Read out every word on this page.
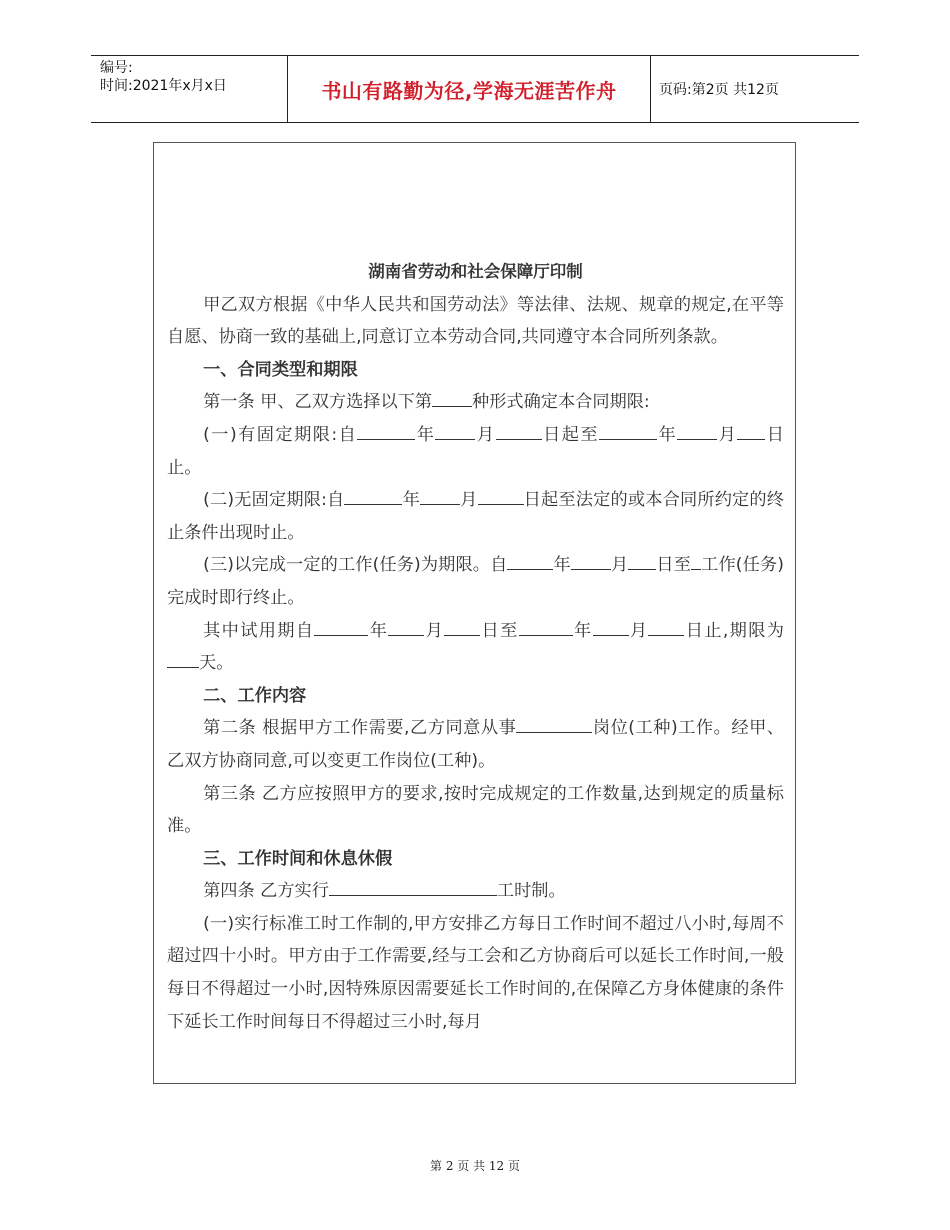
编号:
时间:2021年x月x日	书山有路勤为径,学海无涯苦作舟	页码:第2页 共12页

湖南省劳动和社会保障厅印制

甲乙双方根据《中华人民共和国劳动法》等法律、法规、规章的规定,在平等自愿、协商一致的基础上,同意订立本劳动合同,共同遵守本合同所列条款。

一、合同类型和期限

第一条 甲、乙双方选择以下第 种形式确定本合同期限:

(一)有固定期限:自	年 月	日起至	年 月 日止。

(二)无固定期限:自	年 月	日起至法定的或本合同所约定的终止条件出现时止。

(三)以完成一定的工作(任务)为期限。自	年 月 日至 工作(任务)完成时即行终止。

其中试用期自	年 月 日至	年 月 日止,期限为天。

二、工作内容

第二条 根据甲方工作需要,乙方同意从事	岗位(工种)工作。经甲、乙双方协商同意,可以变更工作岗位(工种)。

第三条 乙方应按照甲方的要求,按时完成规定的工作数量,达到规定的质量标准。

三、工作时间和休息休假

第四条 乙方实行	工时制。

(一)实行标准工时工作制的,甲方安排乙方每日工作时间不超过八小时,每周不超过四十小时。甲方由于工作需要,经与工会和乙方协商后可以延长工作时间,一般每日不得超过一小时,因特殊原因需要延长工作时间的,在保障乙方身体健康的条件下延长工作时间每日不得超过三小时,每月

第 2 页 共 12 页
